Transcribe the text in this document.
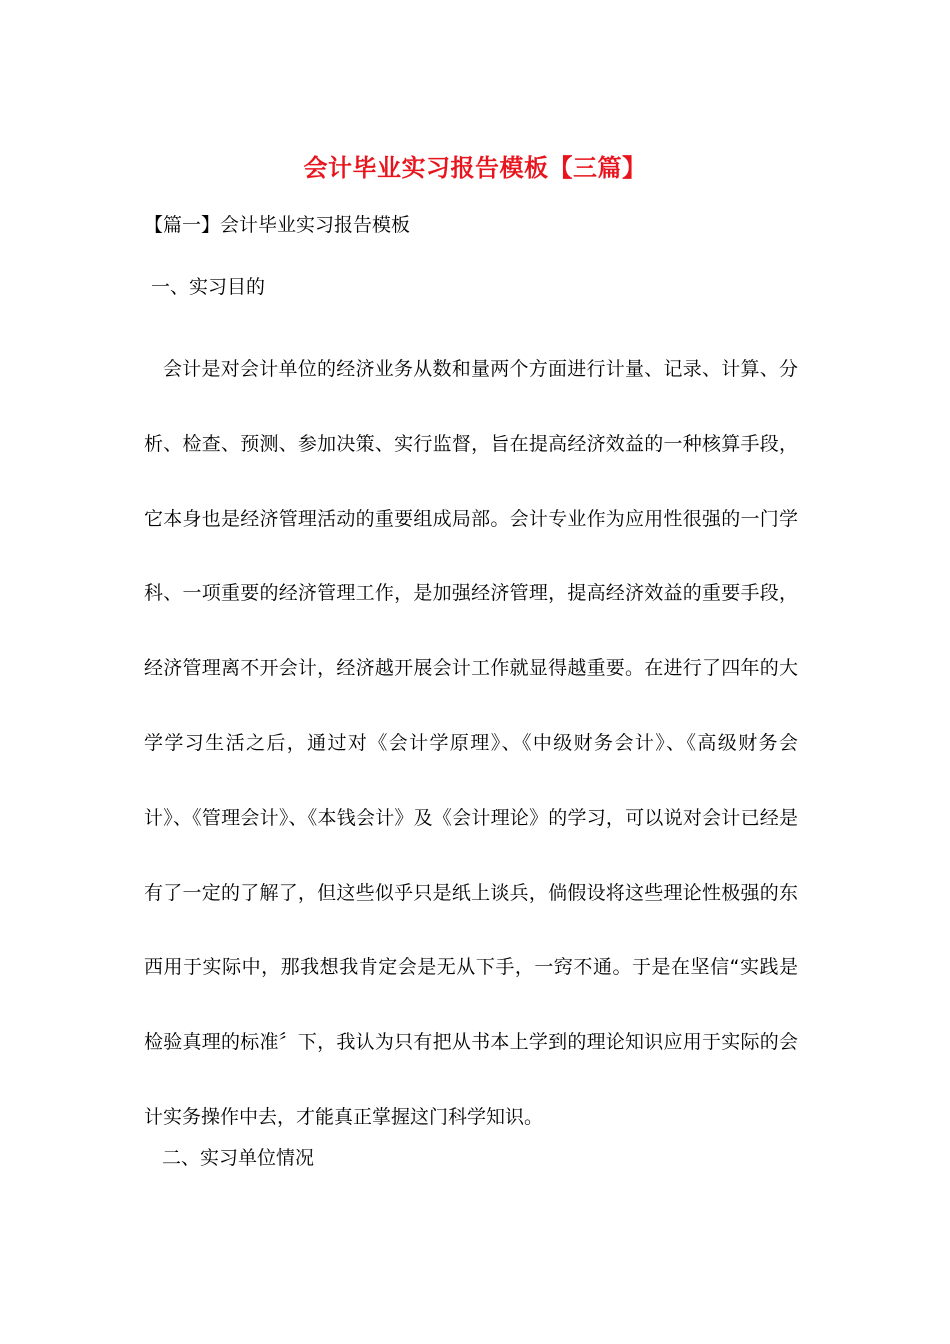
会计毕业实习报告模板【三篇】
【篇一】会计毕业实习报告模板
一、实习目的

会计是对会计单位的经济业务从数和量两个方面进行计量、记录、计算、分析、检查、预测、参加决策、实行监督，旨在提高经济效益的一种核算手段，它本身也是经济管理活动的重要组成局部。会计专业作为应用性很强的一门学科、一项重要的经济管理工作，是加强经济管理，提高经济效益的重要手段，经济管理离不开会计，经济越开展会计工作就显得越重要。在进行了四年的大学学习生活之后，通过对《会计学原理》、《中级财务会计》、《高级财务会计》、《管理会计》、《本钱会计》及《会计理论》的学习，可以说对会计已经是有了一定的了解了，但这些似乎只是纸上谈兵，倘假设将这些理论性极强的东西用于实际中，那我想我肯定会是无从下手，一窍不通。于是在坚信“实践是检验真理的标准〞下，我认为只有把从书本上学到的理论知识应用于实际的会计实务操作中去，才能真正掌握这门科学知识。

二、实习单位情况
